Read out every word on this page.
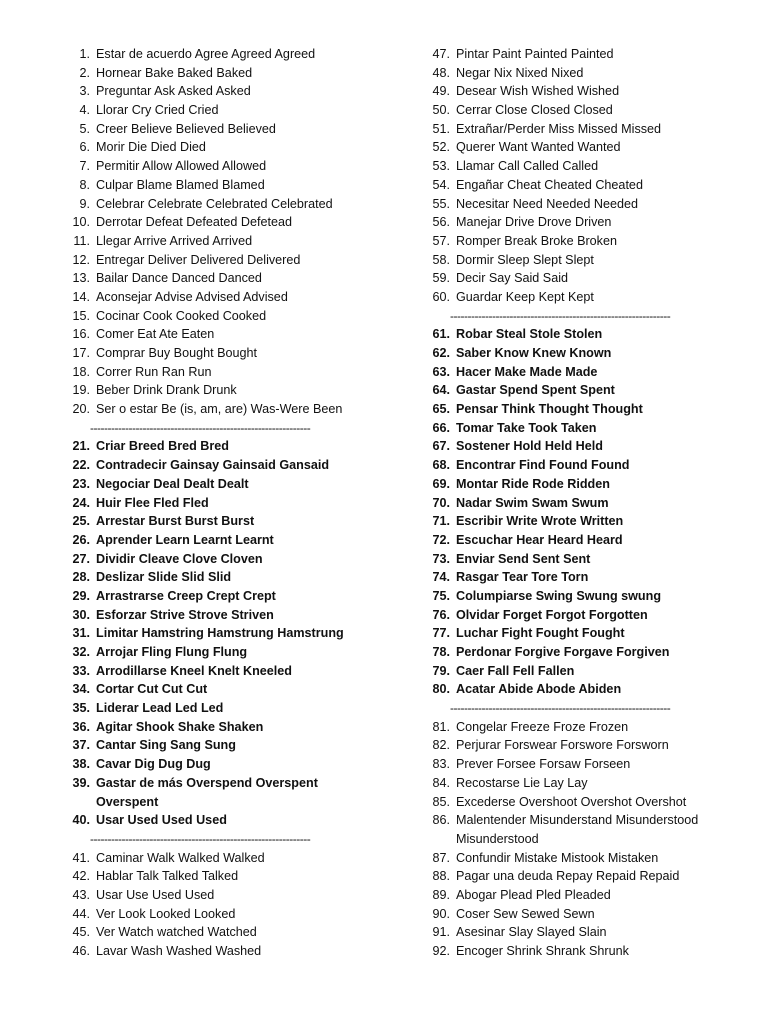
1. Estar de acuerdo Agree Agreed Agreed
2. Hornear Bake Baked Baked
3. Preguntar Ask Asked Asked
4. Llorar Cry Cried Cried
5. Creer Believe Believed Believed
6. Morir Die Died Died
7. Permitir Allow Allowed Allowed
8. Culpar Blame Blamed Blamed
9. Celebrar Celebrate Celebrated Celebrated
10. Derrotar Defeat Defeated Defetead
11. Llegar Arrive Arrived Arrived
12. Entregar Deliver Delivered Delivered
13. Bailar Dance Danced Danced
14. Aconsejar Advise Advised Advised
15. Cocinar Cook Cooked Cooked
16. Comer Eat Ate Eaten
17. Comprar Buy Bought Bought
18. Correr Run Ran Run
19. Beber Drink Drank Drunk
20. Ser o estar Be (is, am, are) Was-Were Been
---------------------------------------------------------------
21. Criar Breed Bred Bred
22. Contradecir Gainsay Gainsaid Gansaid
23. Negociar Deal Dealt Dealt
24. Huir Flee Fled Fled
25. Arrestar Burst Burst Burst
26. Aprender Learn Learnt Learnt
27. Dividir Cleave Clove Cloven
28. Deslizar Slide Slid Slid
29. Arrastrarse Creep Crept Crept
30. Esforzar Strive Strove Striven
31. Limitar Hamstring Hamstrung Hamstrung
32. Arrojar Fling Flung Flung
33. Arrodillarse Kneel Knelt Kneeled
34. Cortar Cut Cut Cut
35. Liderar Lead Led Led
36. Agitar Shook Shake Shaken
37. Cantar Sing Sang Sung
38. Cavar Dig Dug Dug
39. Gastar de más Overspend Overspent Overspent
40. Usar Used Used Used
---------------------------------------------------------------
41. Caminar Walk Walked Walked
42. Hablar Talk Talked Talked
43. Usar Use Used Used
44. Ver Look Looked Looked
45. Ver Watch watched Watched
46. Lavar Wash Washed Washed
47. Pintar Paint Painted Painted
48. Negar Nix Nixed Nixed
49. Desear Wish Wished Wished
50. Cerrar Close Closed Closed
51. Extrañar/Perder Miss Missed Missed
52. Querer Want Wanted Wanted
53. Llamar Call Called Called
54. Engañar Cheat Cheated Cheated
55. Necesitar Need Needed Needed
56. Manejar Drive Drove Driven
57. Romper Break Broke Broken
58. Dormir Sleep Slept Slept
59. Decir Say Said Said
60. Guardar Keep Kept Kept
---------------------------------------------------------------
61. Robar Steal Stole Stolen
62. Saber Know Knew Known
63. Hacer Make Made Made
64. Gastar Spend Spent Spent
65. Pensar Think Thought Thought
66. Tomar Take Took Taken
67. Sostener Hold Held Held
68. Encontrar Find Found Found
69. Montar Ride Rode Ridden
70. Nadar Swim Swam Swum
71. Escribir Write Wrote Written
72. Escuchar Hear Heard Heard
73. Enviar Send Sent Sent
74. Rasgar Tear Tore Torn
75. Columpiarse Swing Swung swung
76. Olvidar Forget Forgot Forgotten
77. Luchar Fight Fought Fought
78. Perdonar Forgive Forgave Forgiven
79. Caer Fall Fell Fallen
80. Acatar Abide Abode Abiden
---------------------------------------------------------------
81. Congelar Freeze Froze Frozen
82. Perjurar Forswear Forswore Forsworn
83. Prever Forsee Forsaw Forseen
84. Recostarse Lie Lay Lay
85. Excederse Overshoot Overshot Overshot
86. Malentender Misunderstand Misunderstood Misunderstood
87. Confundir Mistake Mistook Mistaken
88. Pagar una deuda Repay Repaid Repaid
89. Abogar Plead Pled Pleaded
90. Coser Sew Sewed Sewn
91. Asesinar Slay Slayed Slain
92. Encoger Shrink Shrank Shrunk
